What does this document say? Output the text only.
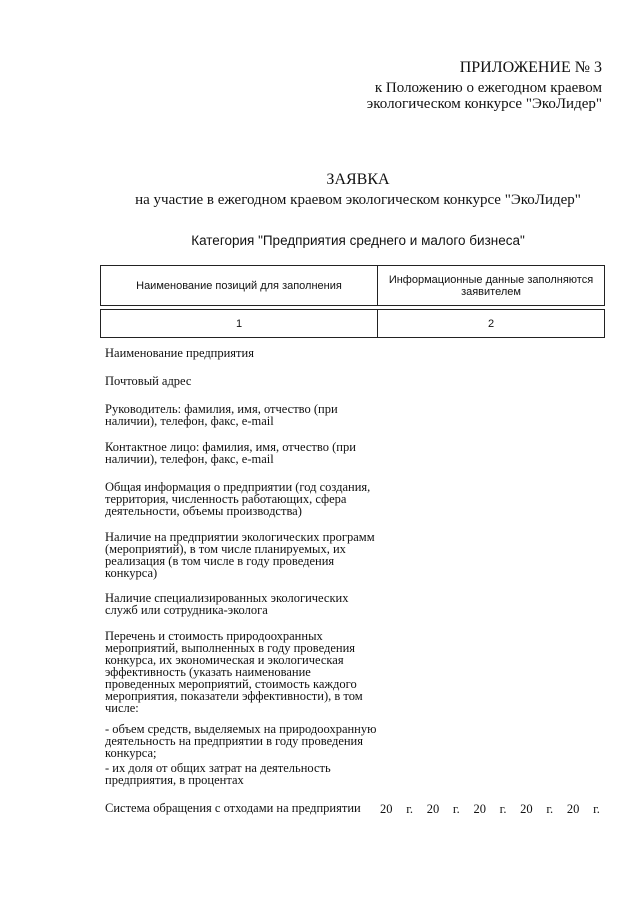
ПРИЛОЖЕНИЕ № 3
к Положению о ежегодном краевом
экологическом конкурсе "ЭкоЛидер"
ЗАЯВКА
на участие в ежегодном краевом экологическом конкурсе "ЭкоЛидер"
Категория "Предприятия среднего и малого бизнеса"
Наименование позиций для заполнения	Информационные данные заполняются заявителем

1	2
Наименование предприятия
Почтовый адрес
Руководитель: фамилия, имя, отчество (при наличии), телефон, факс, e-mail
Контактное лицо: фамилия, имя, отчество (при наличии), телефон, факс, e-mail
Общая информация о предприятии (год создания, территория, численность работающих, сфера деятельности, объемы производства)
Наличие на предприятии экологических программ (мероприятий), в том числе планируемых, их реализация (в том числе в году проведения конкурса)
Наличие специализированных экологических служб или сотрудника-эколога
Перечень и стоимость природоохранных мероприятий, выполненных в году проведения конкурса, их экономическая и экологическая эффективность (указать наименование проведенных мероприятий, стоимость каждого мероприятия, показатели эффективности), в том числе:
- объем средств, выделяемых на природоохранную деятельность на предприятии в году проведения конкурса;
- их доля от общих затрат на деятельность предприятия, в процентах
Система обращения с отходами на предприятии	20 г. 20 г. 20 г. 20 г. 20 г.
